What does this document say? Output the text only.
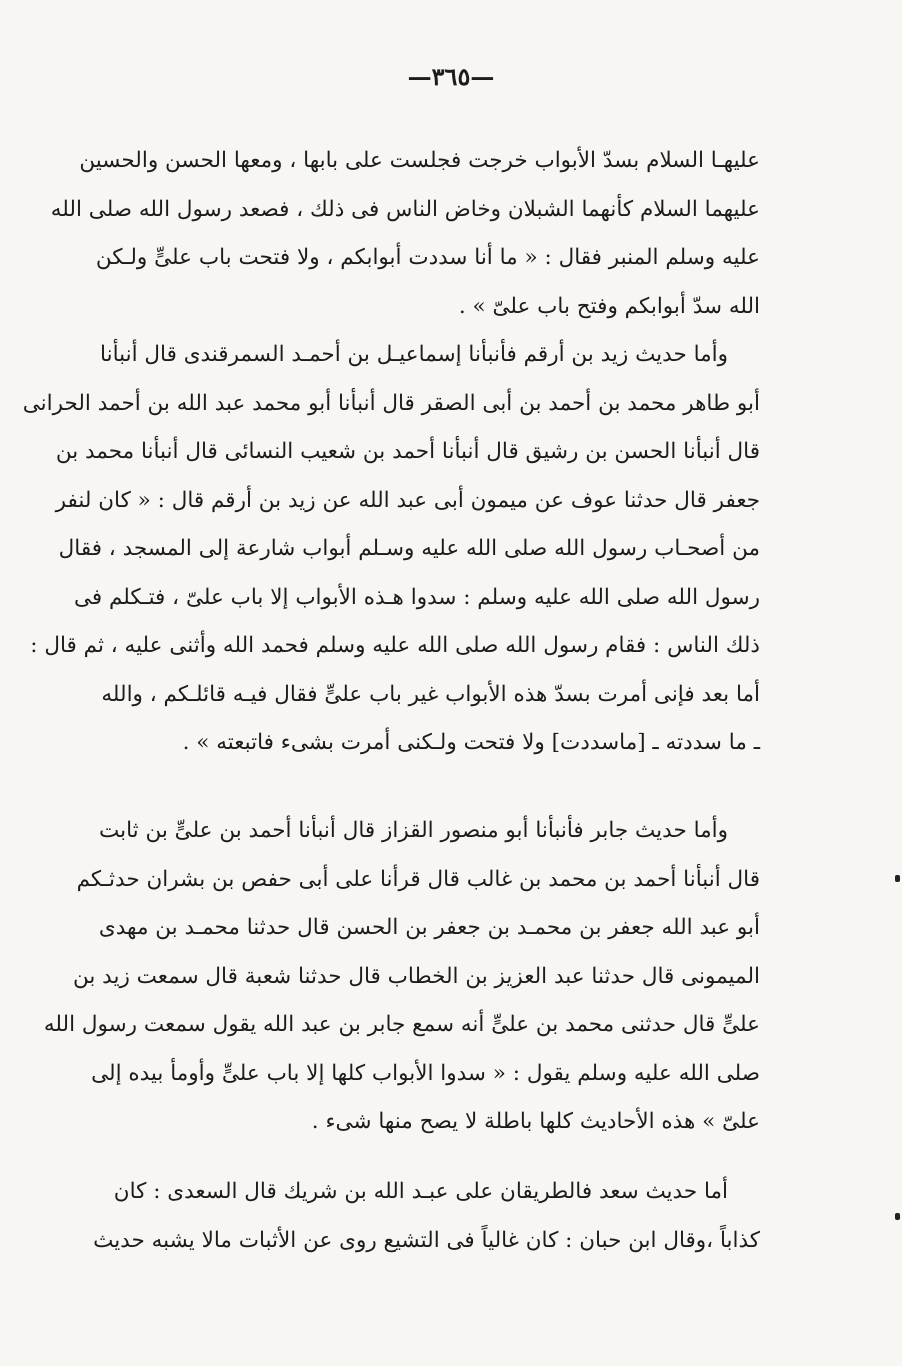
—٣٦٥—
عليهـا السلام بسدّ الأبواب خرجت فجلست على بابها ، ومعها الحسن والحسين
عليهما السلام كأنهما الشبلان وخاض الناس فى ذلك ، فصعد رسول الله صلى الله
عليه وسلم المنبر فقال : « ما أنا سددت أبوابكم ، ولا فتحت باب علىٍّ ولـكن
الله سدّ أبوابكم وفتح باب علىّ » .
وأما حديث زيد بن أرقم فأنبأنا إسماعيـل بن أحمـد السمرقندى قال أنبأنا
أبو طاهر محمد بن أحمد بن أبى الصقر قال أنبأنا أبو محمد عبد الله بن أحمد الحرانى
قال أنبأنا الحسن بن رشيق قال أنبأنا أحمد بن شعيب النسائى قال أنبأنا محمد بن
جعفر قال حدثنا عوف عن ميمون أبى عبد الله عن زيد بن أرقم قال : « كان لنفر
من أصحـاب رسول الله صلى الله عليه وسـلم أبواب شارعة إلى المسجد ، فقال
رسول الله صلى الله عليه وسلم : سدوا هـذه الأبواب إلا باب علىّ ، فتـكلم فى
ذلك الناس : فقام رسول الله صلى الله عليه وسلم فحمد الله وأثنى عليه ، ثم قال :
أما بعد فإنى أمرت بسدّ هذه الأبواب غير باب علىٍّ فقال فيـه قائلـكم ، والله
ـ ما سددته ـ [ماسددت] ولا فتحت ولـكنى أمرت بشىء فاتبعته » .
وأما حديث جابر فأنبأنا أبو منصور القزاز قال أنبأنا أحمد بن علىٍّ بن ثابت
قال أنبأنا أحمد بن محمد بن غالب قال قرأنا على أبى حفص بن بشران حدثـكم
أبو عبد الله جعفر بن محمـد بن جعفر بن الحسن قال حدثنا محمـد بن مهدى
الميمونى قال حدثنا عبد العزيز بن الخطاب قال حدثنا شعبة قال سمعت زيد بن
علىٍّ قال حدثنى محمد بن علىٍّ أنه سمع جابر بن عبد الله يقول سمعت رسول الله
صلى الله عليه وسلم يقول : « سدوا الأبواب كلها إلا باب علىٍّ وأومأ بيده إلى
علىّ » هذه الأحاديث كلها باطلة لا يصح منها شىء .
أما حديث سعد فالطريقان على عبـد الله بن شريك قال السعدى : كان
كذاباً ،وقال ابن حبان : كان غالياً فى التشيع روى عن الأثبات مالا يشبه حديث
